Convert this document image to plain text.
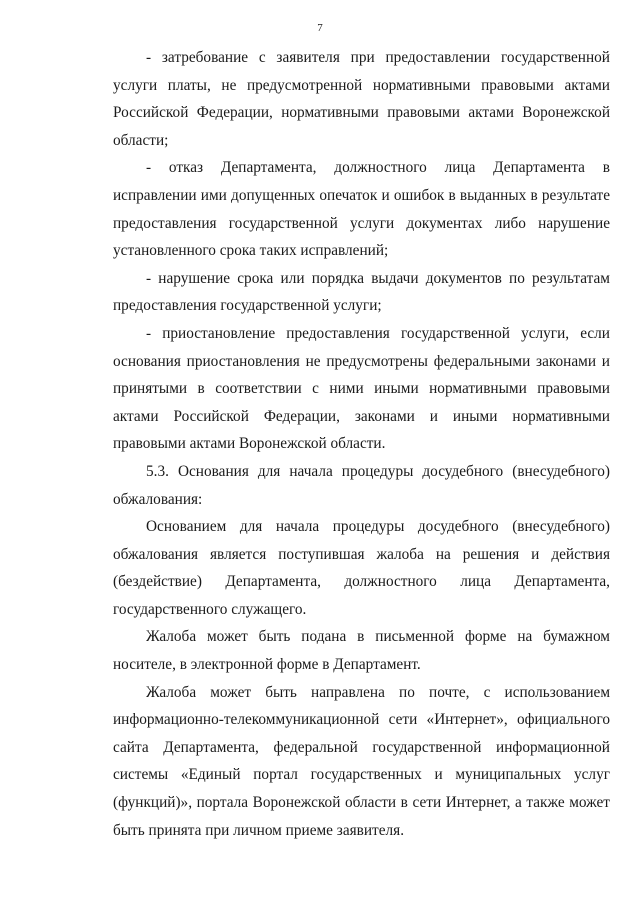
7

- затребование с заявителя при предоставлении государственной услуги платы, не предусмотренной нормативными правовыми актами Российской Федерации, нормативными правовыми актами Воронежской области;

- отказ Департамента, должностного лица Департамента в исправлении ими допущенных опечаток и ошибок в выданных в результате предоставления государственной услуги документах либо нарушение установленного срока таких исправлений;

- нарушение срока или порядка выдачи документов по результатам предоставления государственной услуги;

- приостановление предоставления государственной услуги, если основания приостановления не предусмотрены федеральными законами и принятыми в соответствии с ними иными нормативными правовыми актами Российской Федерации, законами и иными нормативными правовыми актами Воронежской области.

5.3. Основания для начала процедуры досудебного (внесудебного) обжалования:

Основанием для начала процедуры досудебного (внесудебного) обжалования является поступившая жалоба на решения и действия (бездействие) Департамента, должностного лица Департамента, государственного служащего.

Жалоба может быть подана в письменной форме на бумажном носителе, в электронной форме в Департамент.

Жалоба может быть направлена по почте, с использованием информационно-телекоммуникационной сети «Интернет», официального сайта Департамента, федеральной государственной информационной системы «Единый портал государственных и муниципальных услуг (функций)», портала Воронежской области в сети Интернет, а также может быть принята при личном приеме заявителя.
